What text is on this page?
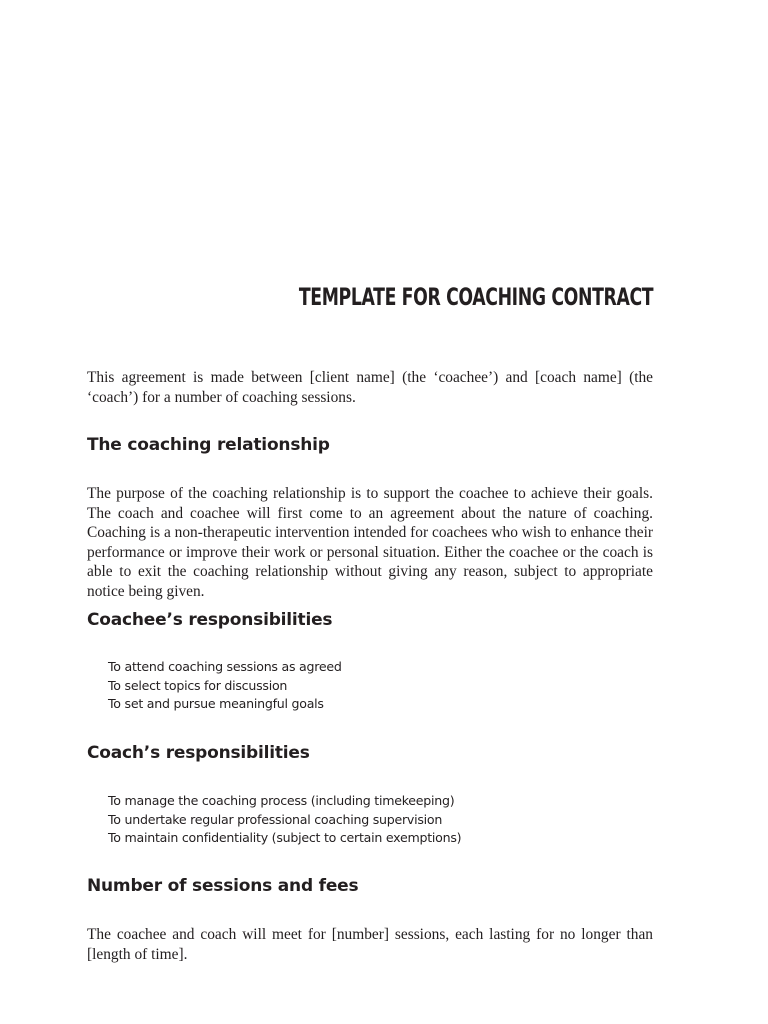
TEMPLATE FOR COACHING CONTRACT

This agreement is made between [client name] (the ‘coachee’) and [coach name] (the ‘coach’) for a number of coaching sessions.

The coaching relationship

The purpose of the coaching relationship is to support the coachee to achieve their goals. The coach and coachee will first come to an agreement about the nature of coaching. Coaching is a non-therapeutic intervention intended for coachees who wish to enhance their performance or improve their work or personal situation. Either the coachee or the coach is able to exit the coaching relationship without giving any reason, subject to appropriate notice being given.

Coachee’s responsibilities
To attend coaching sessions as agreed
To select topics for discussion
To set and pursue meaningful goals
Coach’s responsibilities
To manage the coaching process (including timekeeping)
To undertake regular professional coaching supervision
To maintain confidentiality (subject to certain exemptions)
Number of sessions and fees

The coachee and coach will meet for [number] sessions, each lasting for no longer than [length of time].
